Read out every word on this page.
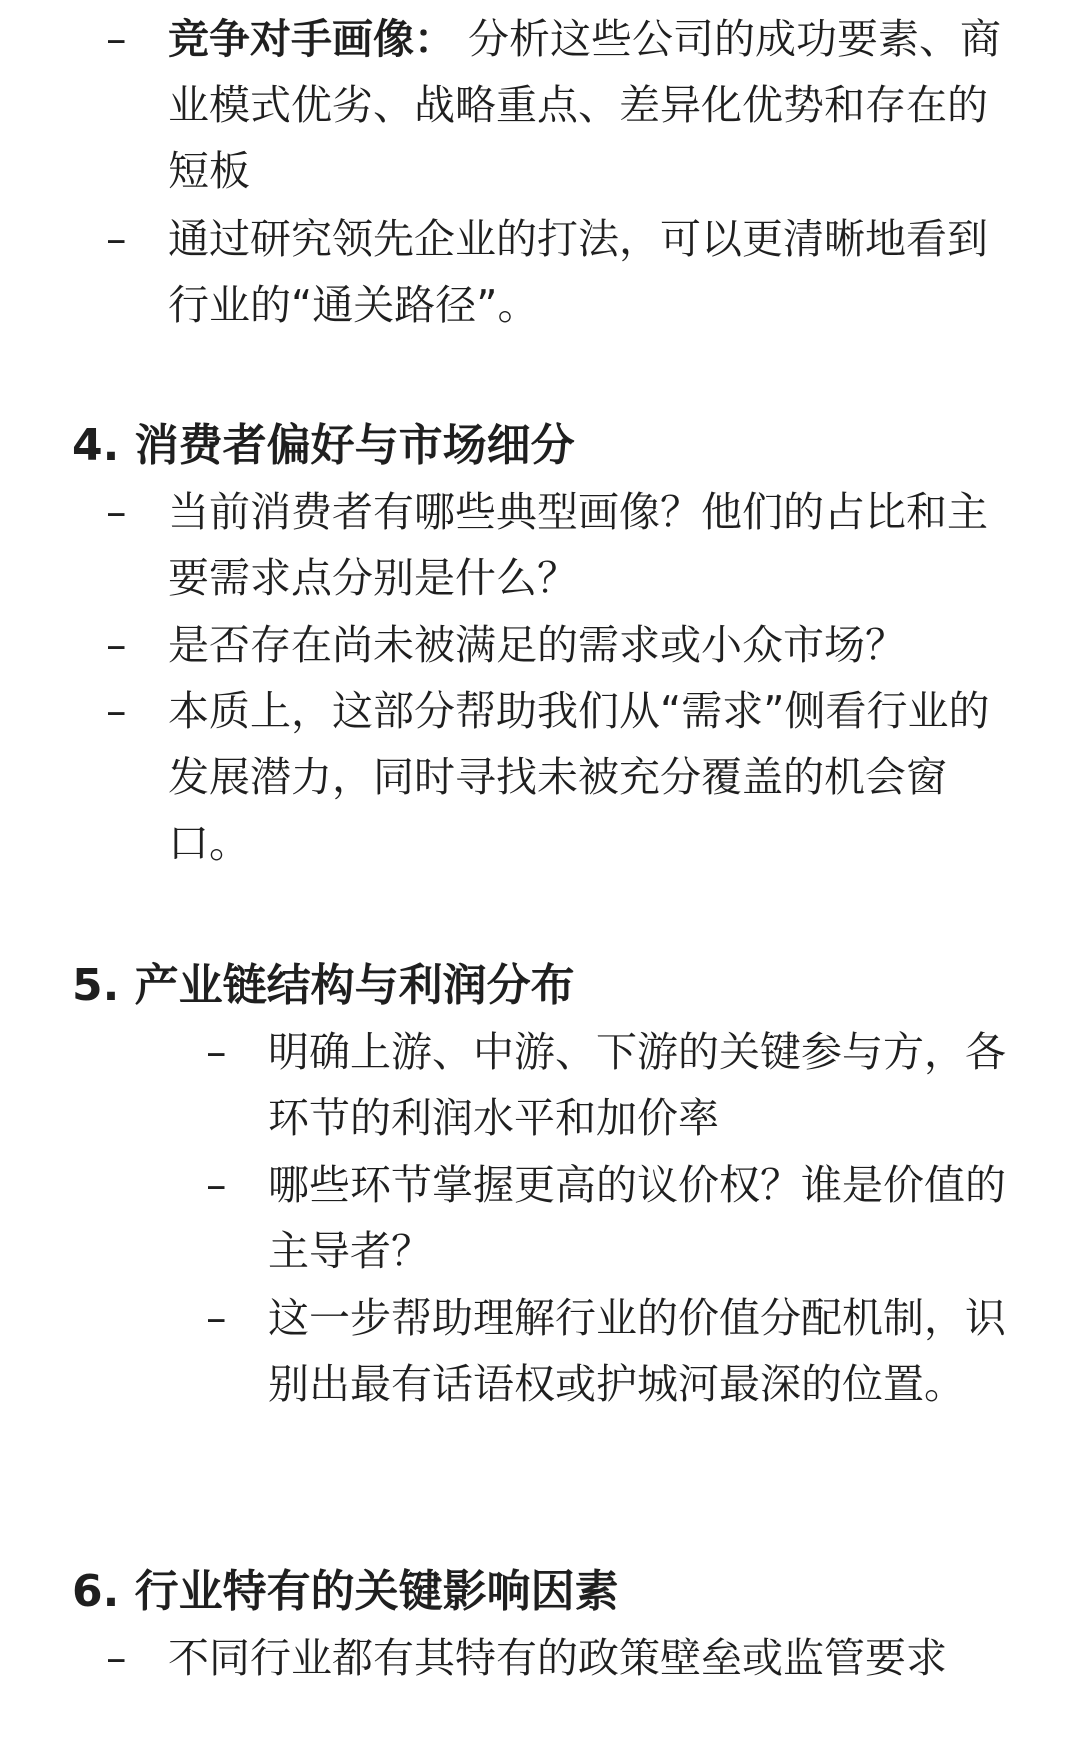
– 竞争对手画像： 分析这些公司的成功要素、商业模式优劣、战略重点、差异化优势和存在的短板
– 通过研究领先企业的打法，可以更清晰地看到行业的“通关路径”。
4. 消费者偏好与市场细分
– 当前消费者有哪些典型画像？他们的占比和主要需求点分别是什么？
– 是否存在尚未被满足的需求或小众市场？
– 本质上，这部分帮助我们从“需求”侧看行业的发展潜力，同时寻找未被充分覆盖的机会窗口。
5. 产业链结构与利润分布
– 明确上游、中游、下游的关键参与方，各环节的利润水平和加价率
– 哪些环节掌握更高的议价权？谁是价值的主导者？
– 这一步帮助理解行业的价值分配机制，识别出最有话语权或护城河最深的位置。
6. 行业特有的关键影响因素
– 不同行业都有其特有的政策壁垒或监管要求
